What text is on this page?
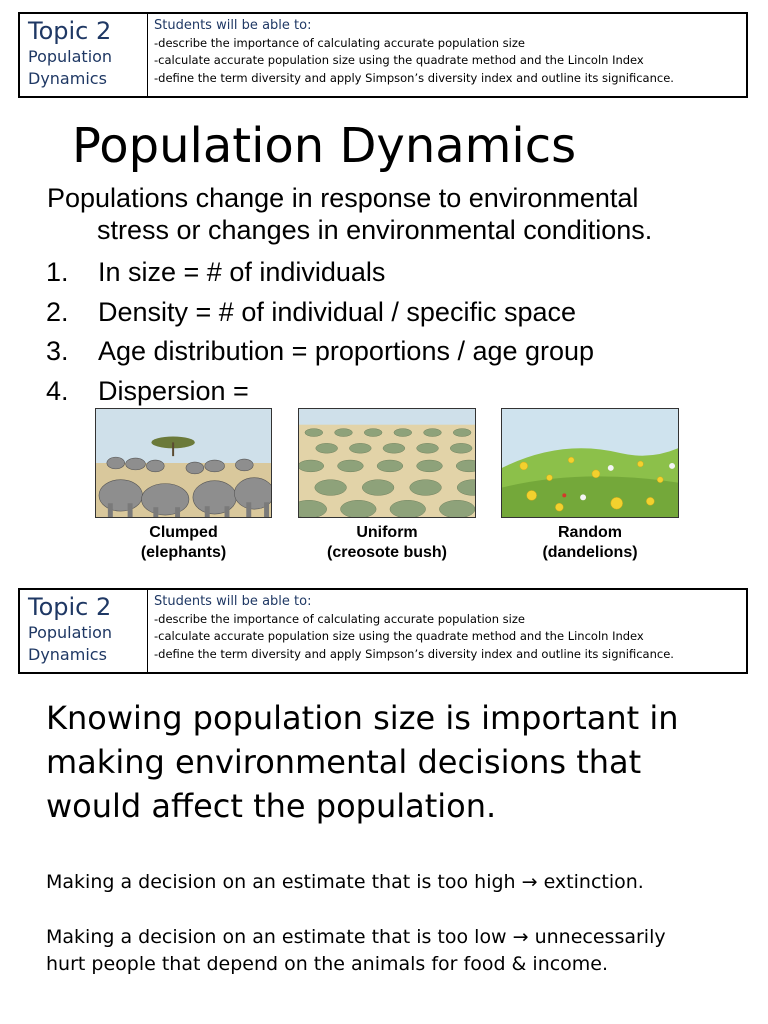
Topic 2
Population
Dynamics
Students will be able to:
-describe the importance of calculating accurate population size
-calculate accurate population size using the quadrate method and the Lincoln Index
-define the term diversity and apply Simpson’s diversity index and outline its significance.
Population Dynamics
Populations change in response to environmental
stress or changes in environmental conditions.
1. In size = # of individuals
2. Density = # of individual / specific space
3. Age distribution = proportions / age group
4. Dispersion =
Clumped
(elephants)
Uniform
(creosote bush)
Random
(dandelions)
Topic 2
Population
Dynamics
Students will be able to:
-describe the importance of calculating accurate population size
-calculate accurate population size using the quadrate method and the Lincoln Index
-define the term diversity and apply Simpson’s diversity index and outline its significance.
Knowing population size is important in
making environmental decisions that
would affect the population.
Making a decision on an estimate that is too high → extinction.
Making a decision on an estimate that is too low → unnecessarily
hurt people that depend on the animals for food & income.
